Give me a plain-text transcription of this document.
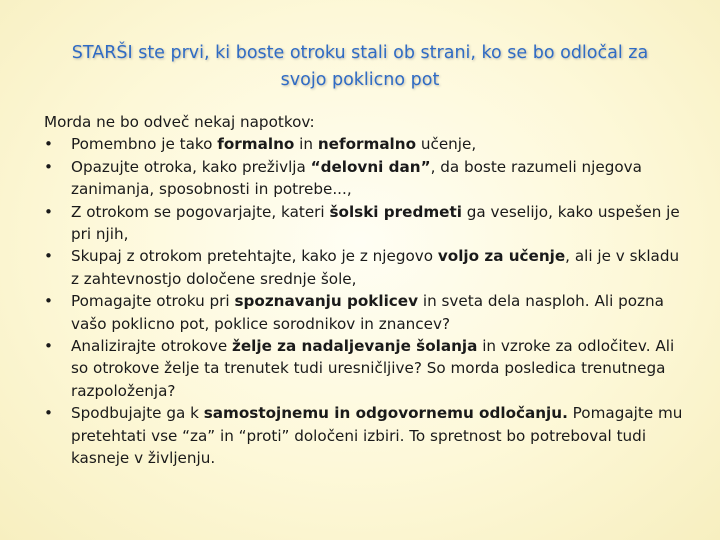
STARŠI ste prvi, ki boste otroku stali ob strani, ko se bo odločal za
svojo poklicno pot

Morda ne bo odveč nekaj napotkov:

• Pomembno je tako formalno in neformalno učenje,
• Opazujte otroka, kako preživlja “delovni dan”, da boste razumeli njegova zanimanja, sposobnosti in potrebe...,
• Z otrokom se pogovarjajte, kateri šolski predmeti ga veselijo, kako uspešen je pri njih,
• Skupaj z otrokom pretehtajte, kako je z njegovo voljo za učenje, ali je v skladu z zahtevnostjo določene srednje šole,
• Pomagajte otroku pri spoznavanju poklicev in sveta dela nasploh. Ali pozna vašo poklicno pot, poklice sorodnikov in znancev?
• Analizirajte otrokove želje za nadaljevanje šolanja in vzroke za odločitev. Ali so otrokove želje ta trenutek tudi uresničljive? So morda posledica trenutnega razpoloženja?
• Spodbujajte ga k samostojnemu in odgovornemu odločanju. Pomagajte mu pretehtati vse “za” in “proti” določeni izbiri. To spretnost bo potreboval tudi kasneje v življenju.
